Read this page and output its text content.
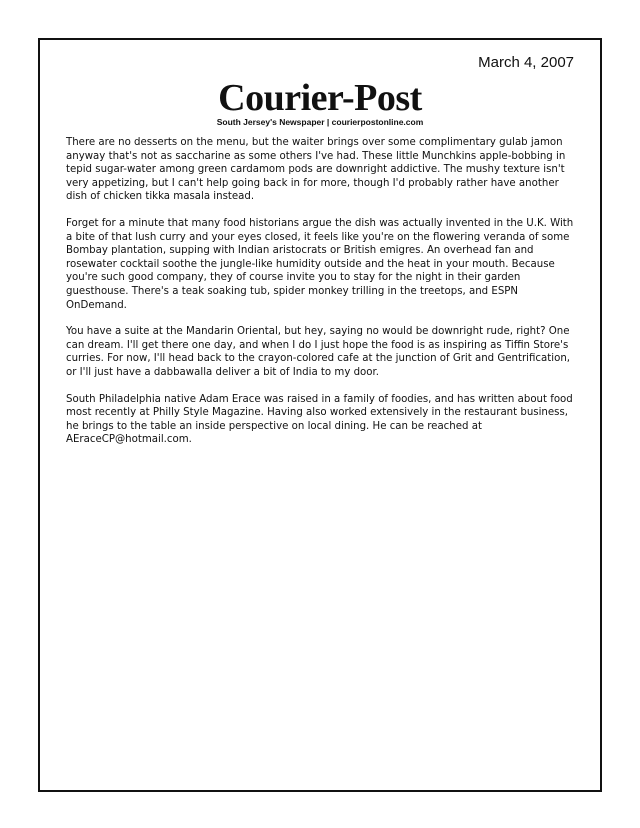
March 4, 2007
Courier-Post
South Jersey's Newspaper | courierpostonline.com

There are no desserts on the menu, but the waiter brings over some complimentary gulab jamon anyway that's not as saccharine as some others I've had. These little Munchkins apple-bobbing in tepid sugar-water among green cardamom pods are downright addictive. The mushy texture isn't very appetizing, but I can't help going back in for more, though I'd probably rather have another dish of chicken tikka masala instead.

Forget for a minute that many food historians argue the dish was actually invented in the U.K. With a bite of that lush curry and your eyes closed, it feels like you're on the flowering veranda of some Bombay plantation, supping with Indian aristocrats or British emigres. An overhead fan and rosewater cocktail soothe the jungle-like humidity outside and the heat in your mouth. Because you're such good company, they of course invite you to stay for the night in their garden guesthouse. There's a teak soaking tub, spider monkey trilling in the treetops, and ESPN OnDemand.

You have a suite at the Mandarin Oriental, but hey, saying no would be downright rude, right? One can dream. I'll get there one day, and when I do I just hope the food is as inspiring as Tiffin Store's curries. For now, I'll head back to the crayon-colored cafe at the junction of Grit and Gentrification, or I'll just have a dabbawalla deliver a bit of India to my door.

South Philadelphia native Adam Erace was raised in a family of foodies, and has written about food most recently at Philly Style Magazine. Having also worked extensively in the restaurant business, he brings to the table an inside perspective on local dining. He can be reached at AEraceCP@hotmail.com.
